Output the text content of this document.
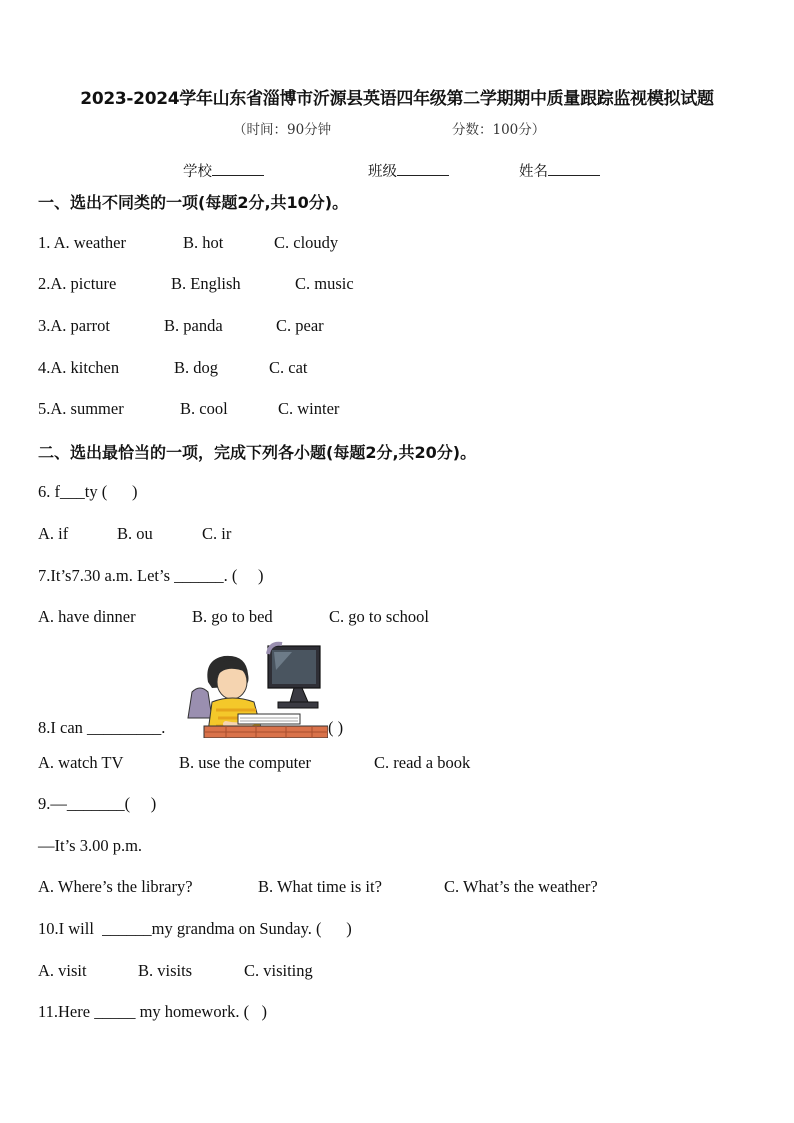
2023-2024学年山东省淄博市沂源县英语四年级第二学期期中质量跟踪监视模拟试题
（时间：90分钟	分数：100分）
学校	班级	姓名
一、选出不同类的一项(每题2分,共10分)。
1. A. weather	B. hot	C. cloudy
2.A. picture	B. English	C. music
3.A. parrot	B. panda	C. pear
4.A. kitchen	B. dog	C. cat
5.A. summer	B. cool	C. winter
二、选出最恰当的一项，完成下列各小题(每题2分,共20分)。
6. f___ty (      )
A. if	B. ou	C. ir
7.It’s7.30 a.m. Let’s ______. (     )
A. have dinner	B. go to bed	C. go to school
8.I can _________.	( )
A. watch TV	B. use the computer	C. read a book
9.—_______(     )
—It’s 3.00 p.m.
A. Where’s the library?	B. What time is it?	C. What’s the weather?
10.I will  ______my grandma on Sunday. (      )
A. visit	B. visits	C. visiting
11.Here _____ my homework. (   )
